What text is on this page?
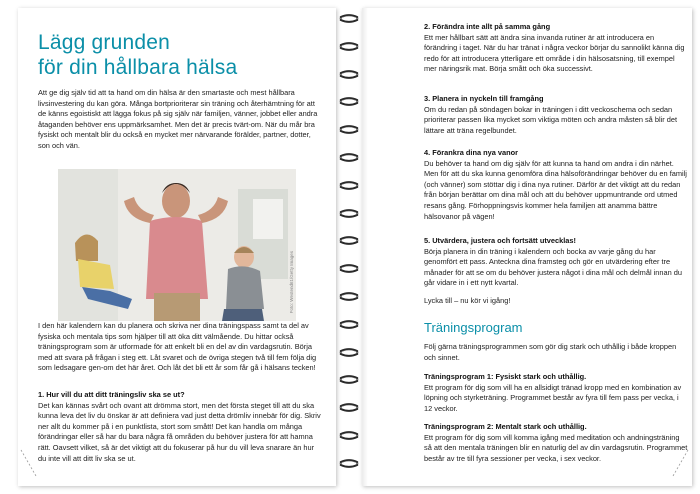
Lägg grunden
för din hållbara hälsa

Att ge dig själv tid att ta hand om din hälsa är den smartaste och mest hållbara livsinvestering du kan göra. Många bortprioriterar sin träning och återhämtning för att de känns egoistiskt att lägga fokus på sig själv när familjen, vänner, jobbet eller andra åtaganden behöver ens uppmärksamhet. Men det är precis tvärt-om. När du mår bra fysiskt och mentalt blir du också en mycket mer närvarande förälder, partner, dotter, son och vän.

Foto: Westend61/Getty Images

I den här kalendern kan du planera och skriva ner dina träningspass samt ta del av fysiska och mentala tips som hjälper till att öka ditt välmående. Du hittar också träningsprogram som är utformade för att enkelt bli en del av din vardagsrutin. Börja med att svara på frågan i steg ett. Låt svaret och de övriga stegen två till fem följa dig som ledsagare gen-om det här året. Och låt det bli ett år som får gå i hälsans tecken!

1. Hur vill du att ditt träningsliv ska se ut?

Det kan kännas svårt och ovant att drömma stort, men det första steget till att du ska kunna leva det liv du önskar är att definiera vad just detta drömliv innebär för dig. Skriv ner allt du kommer på i en punktlista, stort som smått! Det kan handla om många förändringar eller så har du bara några få områden du behöver justera för att hamna rätt. Oavsett vilket, så är det viktigt att du fokuserar på hur du vill leva snarare än hur du inte vill att ditt liv ska se ut.

2. Förändra inte allt på samma gång

Ett mer hållbart sätt att ändra sina invanda rutiner är att introducera en förändring i taget. När du har tränat i några veckor börjar du sannolikt känna dig redo för att introducera ytterligare ett område i din hälsosatsning, till exempel mer näringsrik mat. Börja smått och öka successivt.

3. Planera in nyckeln till framgång

Om du redan på söndagen bokar in träningen i ditt veckoschema och sedan prioriterar passen lika mycket som viktiga möten och andra måsten så blir det lättare att träna regelbundet.

4. Förankra dina nya vanor

Du behöver ta hand om dig själv för att kunna ta hand om andra i din närhet. Men för att du ska kunna genomföra dina hälsoförändringar behöver du en familj (och vänner) som stöttar dig i dina nya rutiner. Därför är det viktigt att du redan från början berättar om dina mål och att du behöver uppmuntrande ord utmed resans gång. Förhoppningsvis kommer hela familjen att anamma bättre hälsovanor på vägen!

5. Utvärdera, justera och fortsätt utvecklas!

Börja planera in din träning i kalendern och bocka av varje gång du har genomfört ett pass. Anteckna dina framsteg och gör en utvärdering efter tre månader för att se om du behöver justera något i dina mål och delmål innan du går vidare in i ett nytt kvartal.

Lycka till – nu kör vi igång!

Träningsprogram

Följ gärna träningsprogrammen som gör dig stark och uthållig i både kroppen och sinnet.

Träningsprogram 1: Fysiskt stark och uthållig.

Ett program för dig som vill ha en allsidigt tränad kropp med en kombination av löpning och styrketräning. Programmet består av fyra till fem pass per vecka, i 12 veckor.

Träningsprogram 2: Mentalt stark och uthållig.

Ett program för dig som vill komma igång med meditation och andningsträning så att den mentala träningen blir en naturlig del av din vardagsrutin. Programmet består av tre till fyra sessioner per vecka, i sex veckor.
